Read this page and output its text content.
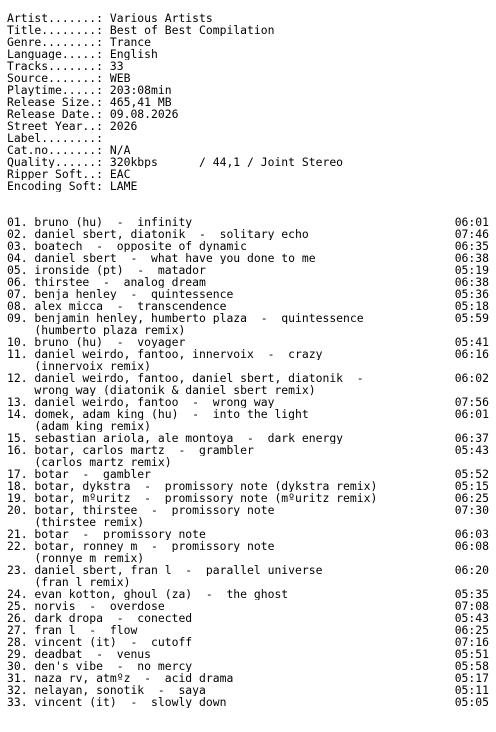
Artist.......: Various Artists
Title........: Best of Best Compilation
Genre........: Trance
Language.....: English
Tracks.......: 33
Source.......: WEB
Playtime.....: 203:08min
Release Size.: 465,41 MB
Release Date.: 09.08.2026
Street Year..: 2026
Label........:
Cat.no.......: N/A
Quality......: 320kbps      / 44,1 / Joint Stereo
Ripper Soft..: EAC
Encoding Soft: LAME
01. bruno (hu)  -  infinity	06:01
02. daniel sbert, diatonik  -  solitary echo	07:46
03. boatech  -  opposite of dynamic	06:35
04. daniel sbert  -  what have you done to me	06:38
05. ironside (pt)  -  matador	05:19
06. thirstee  -  analog dream	06:38
07. benja henley  -  quintessence	05:36
08. alex micca  -  transcendence	05:18
09. benjamin henley, humberto plaza  -  quintessence	05:59
(humberto plaza remix)
10. bruno (hu)  -  voyager	05:41
11. daniel weirdo, fantoo, innervoix  -  crazy	06:16
(innervoix remix)
12. daniel weirdo, fantoo, daniel sbert, diatonik  -	06:02
wrong way (diatonik & daniel sbert remix)
13. daniel weirdo, fantoo  -  wrong way	07:56
14. domek, adam king (hu)  -  into the light	06:01
(adam king remix)
15. sebastian ariola, ale montoya  -  dark energy	06:37
16. botar, carlos martz  -  grambler	05:43
(carlos martz remix)
17. botar  -  gambler	05:52
18. botar, dykstra  -  promissory note (dykstra remix)	05:15
19. botar, mºuritz  -  promissory note (mºuritz remix)	06:25
20. botar, thirstee  -  promissory note	07:30
(thirstee remix)
21. botar  -  promissory note	06:03
22. botar, ronney m  -  promissory note	06:08
(ronnye m remix)
23. daniel sbert, fran l  -  parallel universe	06:20
(fran l remix)
24. evan kotton, ghoul (za)  -  the ghost	05:35
25. norvis  -  overdose	07:08
26. dark dropa  -  conected	05:43
27. fran l  -  flow	06:25
28. vincent (it)  -  cutoff	07:16
29. deadbat  -  venus	05:51
30. den's vibe  -  no mercy	05:58
31. naza rv, atmºz  -  acid drama	05:17
32. nelayan, sonotik  -  saya	05:11
33. vincent (it)  -  slowly down	05:05
